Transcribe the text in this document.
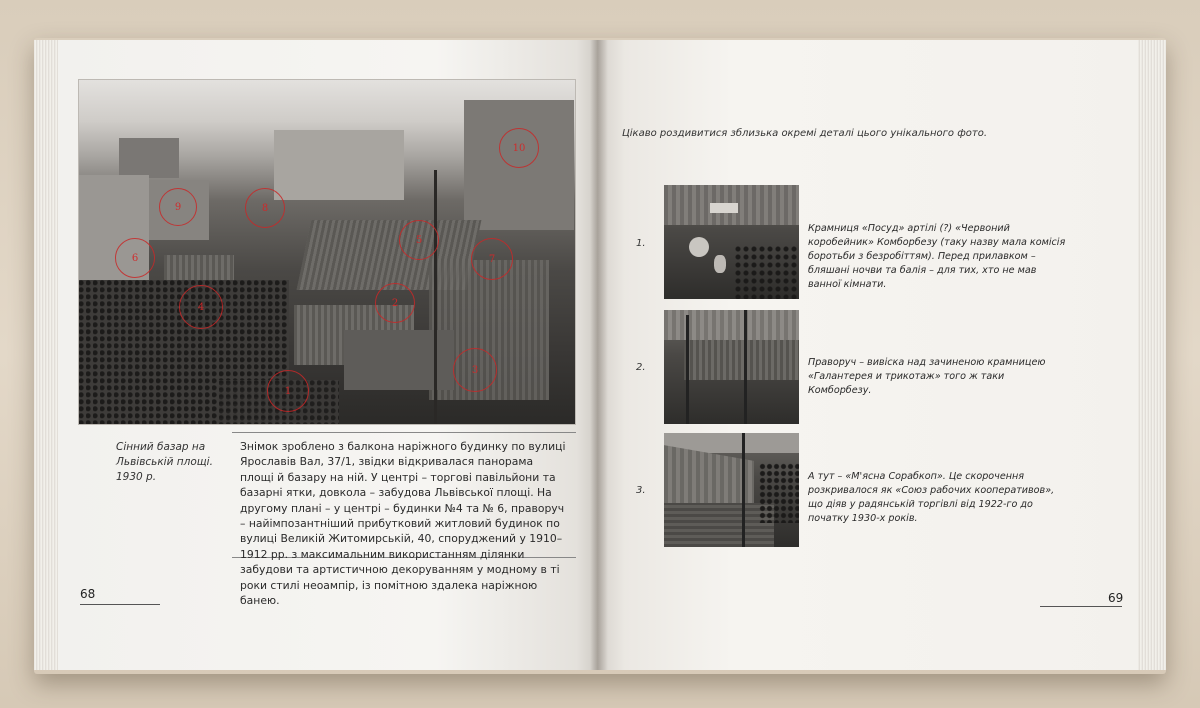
1
2
3
4
5
6	7
8
9
10
Сінний базар на
Львівській площі.
1930 р.

Знімок зроблено з балкона наріжного будинку по вулиці Ярославів Вал, 37/1, звідки відкривалася панорама площі й базару на ній. У центрі – торгові павільйони та базарні ятки, довкола – забудова Львівської площі. На другому плані – у центрі – будинки №4 та № 6, праворуч – найімпозантніший прибутковий житловий будинок по вулиці Великій Житомирській, 40, споруджений у 1910–1912 рр. з максимальним використанням ділянки забудови та артистичною декоруванням у модному в ті роки стилі неоампір, із помітною здалека наріжною банею.

68
Цікаво роздивитися зблизька окремі деталі цього унікального фото.
1.
Крамниця «Посуд» артілі (?) «Червоний коробейник» Комборбезу (таку назву мала комісія боротьби з безробіттям). Перед прилавком – бляшані ночви та балія – для тих, хто не мав ванної кімнати.
2.	Праворуч – вивіска над зачиненою крамницею «Галантерея и трикотаж» того ж таки Комборбезу.
3.
А тут – «М'ясна Сорабкоп». Це скорочення розкривалося як «Союз рабочих кооперативов», що діяв у радянській торгівлі від 1922-го до початку 1930-х років.
69
